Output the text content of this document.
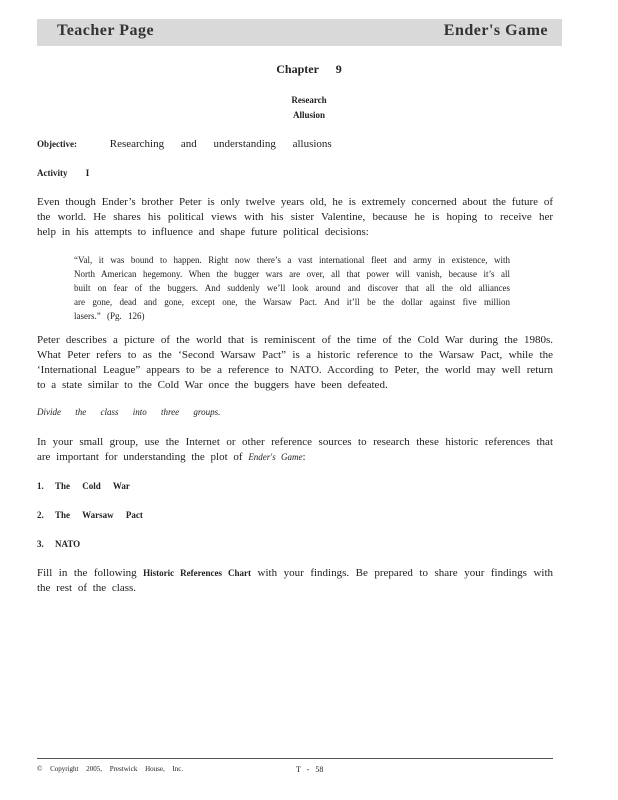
Teacher Page	Ender's Game
Chapter 9
Research
Allusion
Objective:	Researching and understanding allusions
Activity I
Even though Ender’s brother Peter is only twelve years old, he is extremely concerned about the future of the world. He shares his political views with his sister Valentine, because he is hoping to receive her help in his attempts to influence and shape future political decisions:
“Val, it was bound to happen. Right now there’s a vast international fleet and army in existence, with North American hegemony. When the bugger wars are over, all that power will vanish, because it’s all built on fear of the buggers. And suddenly we’ll look around and discover that all the old alliances are gone, dead and gone, except one, the Warsaw Pact. And it’ll be the dollar against five million lasers.” (Pg. 126)
Peter describes a picture of the world that is reminiscent of the time of the Cold War during the 1980s. What Peter refers to as the ‘Second Warsaw Pact” is a historic reference to the Warsaw Pact, while the ‘International League” appears to be a reference to NATO. According to Peter, the world may well return to a state similar to the Cold War once the buggers have been defeated.
Divide the class into three groups.
In your small group, use the Internet or other reference sources to research these historic references that are important for understanding the plot of Ender's Game:
1. The Cold War
2. The Warsaw Pact
3. NATO
Fill in the following Historic References Chart with your findings. Be prepared to share your findings with the rest of the class.
© Copyright 2005, Prestwick House, Inc.	T - 58
